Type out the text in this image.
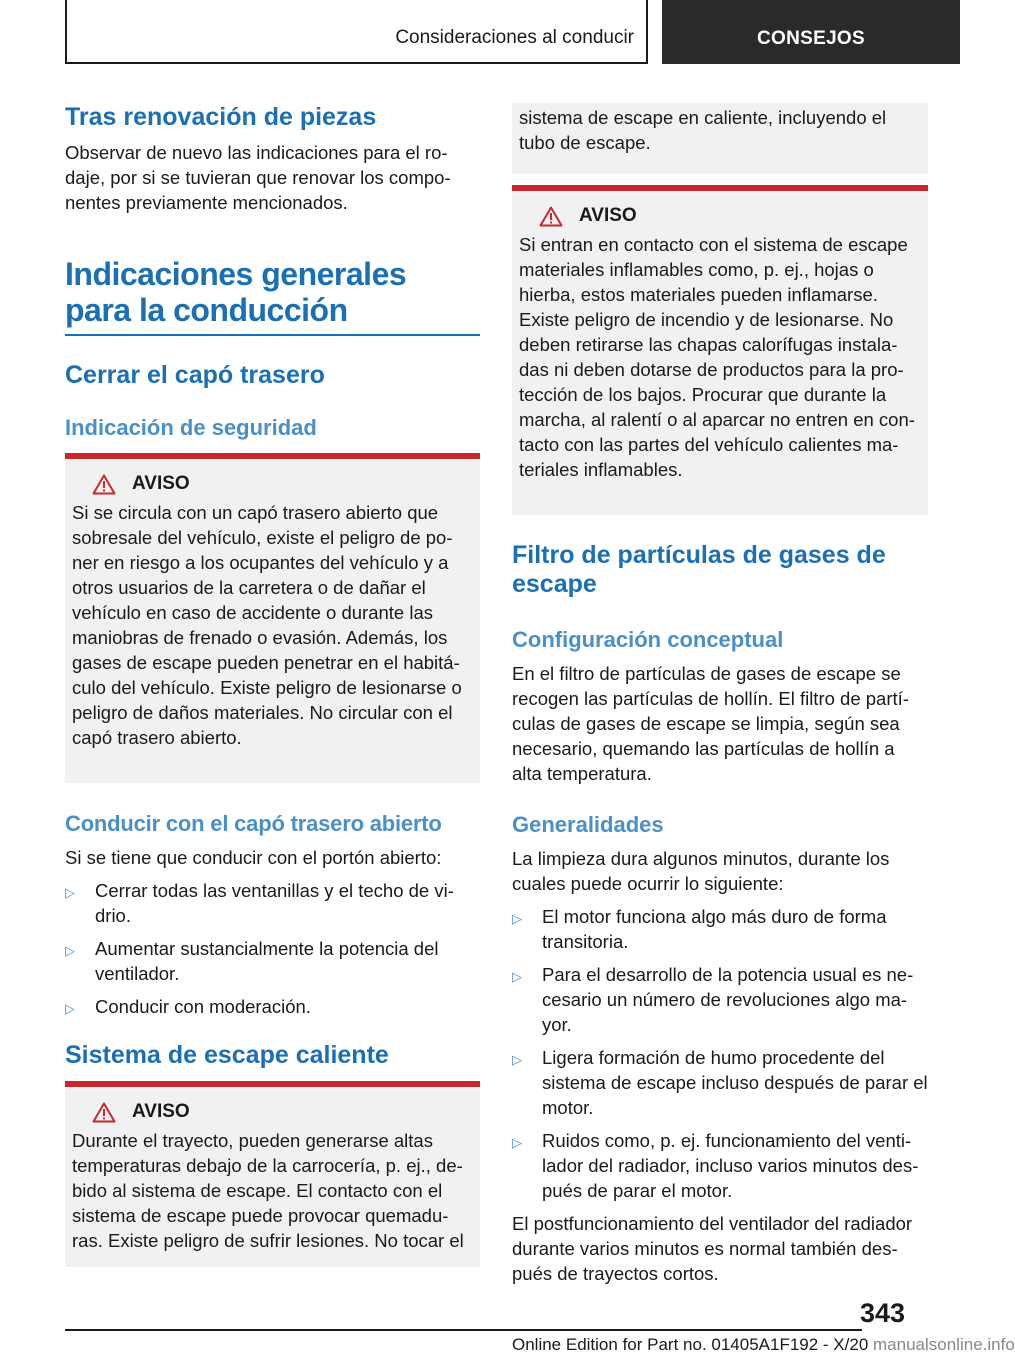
Consideraciones al conducir	CONSEJOS
Tras renovación de piezas

Observar de nuevo las indicaciones para el ro-daje, por si se tuvieran que renovar los compo-nentes previamente mencionados.

Indicaciones generales
para la conducción
Cerrar el capó trasero
Indicación de seguridad
AVISO

Si se circula con un capó trasero abierto que sobresale del vehículo, existe el peligro de po-ner en riesgo a los ocupantes del vehículo y a otros usuarios de la carretera o de dañar el vehículo en caso de accidente o durante las maniobras de frenado o evasión. Además, los gases de escape pueden penetrar en el habitá-culo del vehículo. Existe peligro de lesionarse o peligro de daños materiales. No circular con el capó trasero abierto.

Conducir con el capó trasero abierto

Si se tiene que conducir con el portón abierto:

▷	Cerrar todas las ventanillas y el techo de vi-drio.
▷	Aumentar sustancialmente la potencia del ventilador.
▷	Conducir con moderación.
Sistema de escape caliente
AVISO

Durante el trayecto, pueden generarse altas temperaturas debajo de la carrocería, p. ej., de-bido al sistema de escape. El contacto con el sistema de escape puede provocar quemadu-ras. Existe peligro de sufrir lesiones. No tocar el

sistema de escape en caliente, incluyendo el tubo de escape.

AVISO

Si entran en contacto con el sistema de escape materiales inflamables como, p. ej., hojas o hierba, estos materiales pueden inflamarse. Existe peligro de incendio y de lesionarse. No deben retirarse las chapas calorífugas instala-das ni deben dotarse de productos para la pro-tección de los bajos. Procurar que durante la marcha, al ralentí o al aparcar no entren en con-tacto con las partes del vehículo calientes ma-teriales inflamables.

Filtro de partículas de gases de
escape
Configuración conceptual

En el filtro de partículas de gases de escape se recogen las partículas de hollín. El filtro de partí-culas de gases de escape se limpia, según sea necesario, quemando las partículas de hollín a alta temperatura.

Generalidades

La limpieza dura algunos minutos, durante los cuales puede ocurrir lo siguiente:

▷	El motor funciona algo más duro de forma transitoria.
▷	Para el desarrollo de la potencia usual es ne-cesario un número de revoluciones algo ma-yor.
▷	Ligera formación de humo procedente del sistema de escape incluso después de parar el motor.
▷	Ruidos como, p. ej. funcionamiento del venti-lador del radiador, incluso varios minutos des-pués de parar el motor.

El postfuncionamiento del ventilador del radiador durante varios minutos es normal también des-pués de trayectos cortos.

343
Online Edition for Part no. 01405A1F192 - X/20 manualsonline.info
